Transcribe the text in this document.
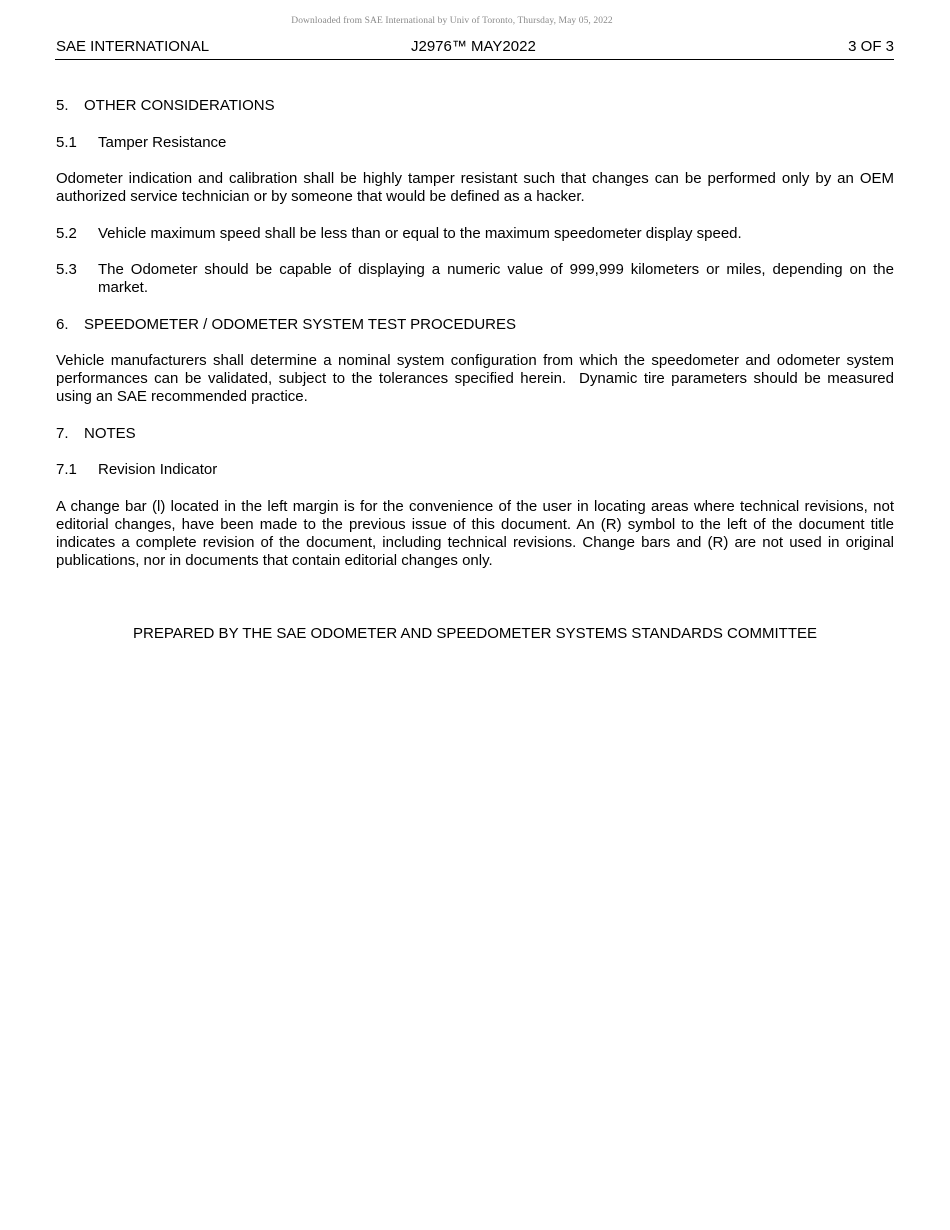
Downloaded from SAE International by Univ of Toronto, Thursday, May 05, 2022
SAE INTERNATIONAL	J2976™ MAY2022	3 OF 3
5.	OTHER CONSIDERATIONS
5.1	Tamper Resistance
Odometer indication and calibration shall be highly tamper resistant such that changes can be performed only by an OEM authorized service technician or by someone that would be defined as a hacker.
5.2	Vehicle maximum speed shall be less than or equal to the maximum speedometer display speed.
5.3	The Odometer should be capable of displaying a numeric value of 999,999 kilometers or miles, depending on the market.
6.	SPEEDOMETER / ODOMETER SYSTEM TEST PROCEDURES
Vehicle manufacturers shall determine a nominal system configuration from which the speedometer and odometer system performances can be validated, subject to the tolerances specified herein.  Dynamic tire parameters should be measured using an SAE recommended practice.
7.	NOTES
7.1	Revision Indicator
A change bar (l) located in the left margin is for the convenience of the user in locating areas where technical revisions, not editorial changes, have been made to the previous issue of this document. An (R) symbol to the left of the document title indicates a complete revision of the document, including technical revisions. Change bars and (R) are not used in original publications, nor in documents that contain editorial changes only.
PREPARED BY THE SAE ODOMETER AND SPEEDOMETER SYSTEMS STANDARDS COMMITTEE
